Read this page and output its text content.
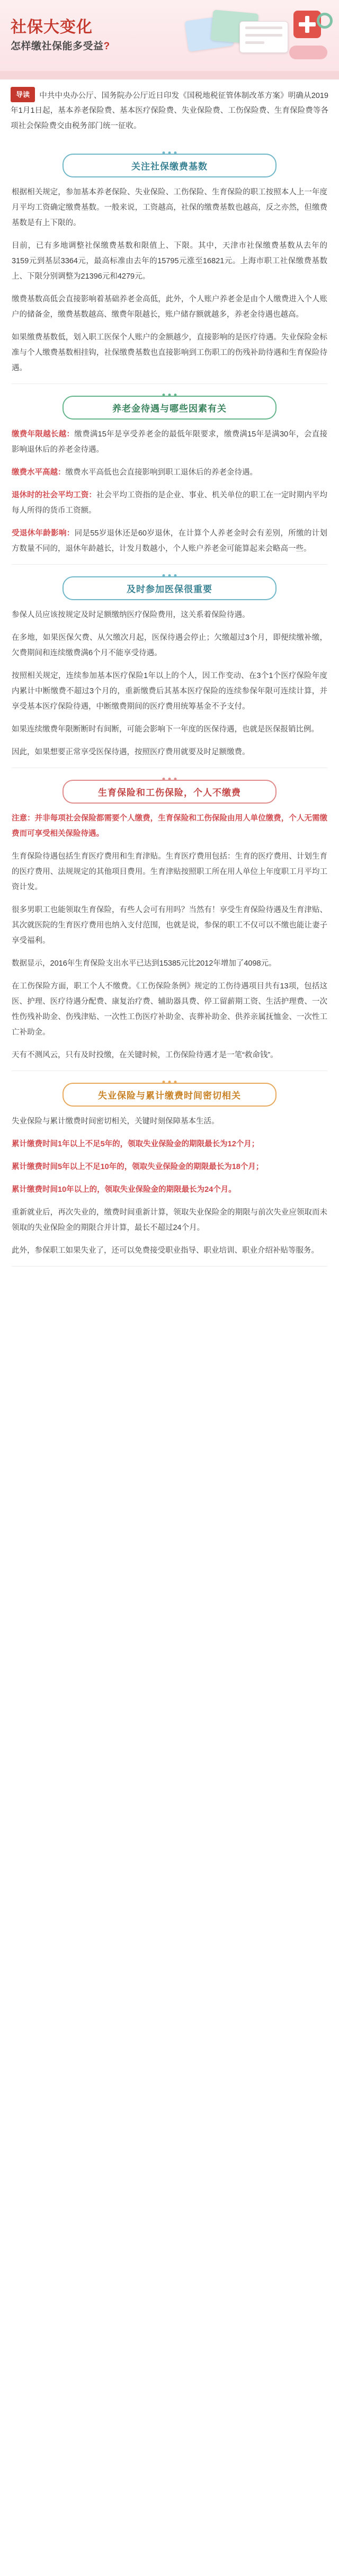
社保大变化
怎样缴社保能多受益?
导读 中共中央办公厅、国务院办公厅近日印发《国税地税征管体制改革方案》明确从2019年1月1日起，基本养老保险费、基本医疗保险费、失业保险费、工伤保险费、生育保险费等各项社会保险费交由税务部门统一征收。
关注社保缴费基数

根据相关规定，参加基本养老保险、失业保险、工伤保险、生育保险的职工按照本人上一年度月平均工资确定缴费基数。一般来说，工资越高，社保的缴费基数也越高，反之亦然，但缴费基数是有上下限的。

目前，已有多地调整社保缴费基数和限值上、下限。其中，天津市社保缴费基数从去年的3159元到基层3364元，最高标准由去年的15795元涨至16821元。上海市职工社保缴费基数上、下限分别调整为21396元和4279元。

缴费基数高低会直接影响着基础养老金高低，此外，个人账户养老金是由个人缴费进入个人账户的储备金，缴费基数越高、缴费年限越长，账户储存额就越多，养老金待遇也越高。

如果缴费基数低，划入职工医保个人账户的金额越少，直接影响的是医疗待遇。失业保险金标准与个人缴费基数相挂钩，社保缴费基数也直接影响到工伤职工的伤残补助待遇和生育保险待遇。

养老金待遇与哪些因素有关

缴费年限越长越：缴费满15年是享受养老金的最低年限要求，缴费满15年是满30年，会直接影响退休后的养老金待遇。

缴费水平高越：缴费水平高低也会直接影响到职工退休后的养老金待遇。

退休时的社会平均工资：社会平均工资指的是企业、事业、机关单位的职工在一定时期内平均每人所得的货币工资额。

受退休年龄影响：同是55岁退休还是60岁退休，在计算个人养老金时会有差别，所缴的计划方数量不同的，退休年龄越长，计发月数越小，个人账户养老金可能算起来会略高一些。

及时参加医保很重要

参保人员应该按规定及时足额缴纳医疗保险费用，这关系着保险待遇。

在多地，如果医保欠费、从欠缴次月起，医保待遇会停止；欠缴超过3个月，即便续缴补缴，欠费期间和连续缴费满6个月不能享受待遇。

按照相关规定，连续参加基本医疗保险1年以上的个人，因工作变动、在3个1个医疗保险年度内累计中断缴费不超过3个月的，重新缴费后其基本医疗保险的连续参保年限可连续计算，并享受基本医疗保险待遇，中断缴费期间的医疗费用统筹基金不予支付。

如果连续缴费年限断断时有间断，可能会影响下一年度的医保待遇，也就是医保报销比例。

因此，如果想要正常享受医保待遇，按照医疗费用就要及时足额缴费。

生育保险和工伤保险，个人不缴费
注意：并非每项社会保险都需要个人缴费，生育保险和工伤保险由用人单位缴费，个人无需缴费而可享受相关保险待遇。

生育保险待遇包括生育医疗费用和生育津贴。生育医疗费用包括：生育的医疗费用、计划生育的医疗费用、法规规定的其他项目费用。生育津贴按照职工所在用人单位上年度职工月平均工资计发。

很多男职工也能领取生育保险，有些人会可有用吗？当然有！享受生育保险待遇及生育津贴、其次就医院的生育医疗费用也纳入支付范围，也就是说，参保的职工不仅可以不缴也能让妻子享受福利。

数据显示，2016年生育保险支出水平已达到15385元比2012年增加了4098元。

在工伤保险方面，职工个人不缴费。《工伤保险条例》规定的工伤待遇项目共有13项，包括这医、护理、医疗待遇分配费、康复治疗费、辅助器具费、停工留薪期工资、生活护理费、一次性伤残补助金、伤残津贴、一次性工伤医疗补助金、丧葬补助金、供养亲属抚恤金、一次性工亡补助金。

天有不测风云，只有及时投缴，在关键时候，工伤保险待遇才是一笔“救命钱”。

失业保险与累计缴费时间密切相关

失业保险与累计缴费时间密切相关，关键时刻保障基本生活。

累计缴费时间1年以上不足5年的，领取失业保险金的期限最长为12个月；

累计缴费时间5年以上不足10年的，领取失业保险金的期限最长为18个月；

累计缴费时间10年以上的，领取失业保险金的期限最长为24个月。

重新就业后，再次失业的，缴费时间重新计算，领取失业保险金的期限与前次失业应领取而未领取的失业保险金的期限合并计算，最长不超过24个月。

此外，参保职工如果失业了，还可以免费接受职业指导、职业培训、职业介绍补贴等服务。
